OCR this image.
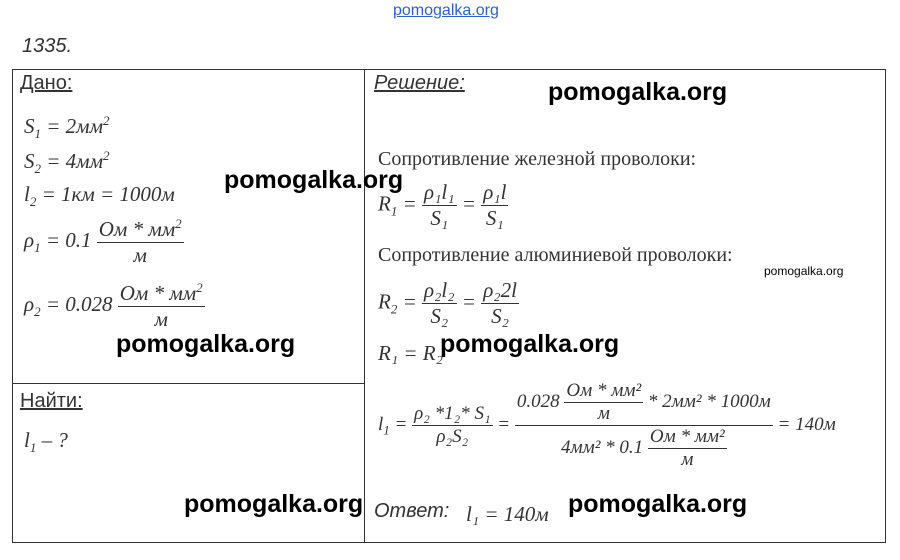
pomogalka.org
1335.
Дано:
$S_1 = 2мм^2$
$S_2 = 4мм^2$
$l_2 = 1км = 1000м$
$\rho_1 = 0.1 \frac{Ом * мм^2}{м}$
$\rho_2 = 0.028 \frac{Ом * мм^2}{м}$
Найти:
$l_1$ – ?
Решение:
Сопротивление железной проволоки:
$R_1 = \frac{\text{ρ₁l₁}}{\text{S₁}} = \frac{\text{ρ₁l}}{\text{S₁}}$
Сопротивление алюминиевой проволоки:
$R_2 = \frac{\text{ρ₂l₂}}{\text{S₂}} = \frac{\text{ρ₂2l}}{\text{S₂}}$
R₁ = R₂
$l_1 = \frac{\text{ρ₂ *1₂* S₁}}{\text{ρ₂S₂}} = \frac{0.028 \frac{\text{Ом * мм²}}{м} * 2мм^2 * 1000м}{4мм^2 * 0.1 \frac{\text{Ом * мм²}}{м}} = 140м$
Ответ: l₁ = 140м
pomogalka.org
pomogalka.org
pomogalka.org
pomogalka.org	pomogalka.org
pomogalka.org	pomogalka.org
